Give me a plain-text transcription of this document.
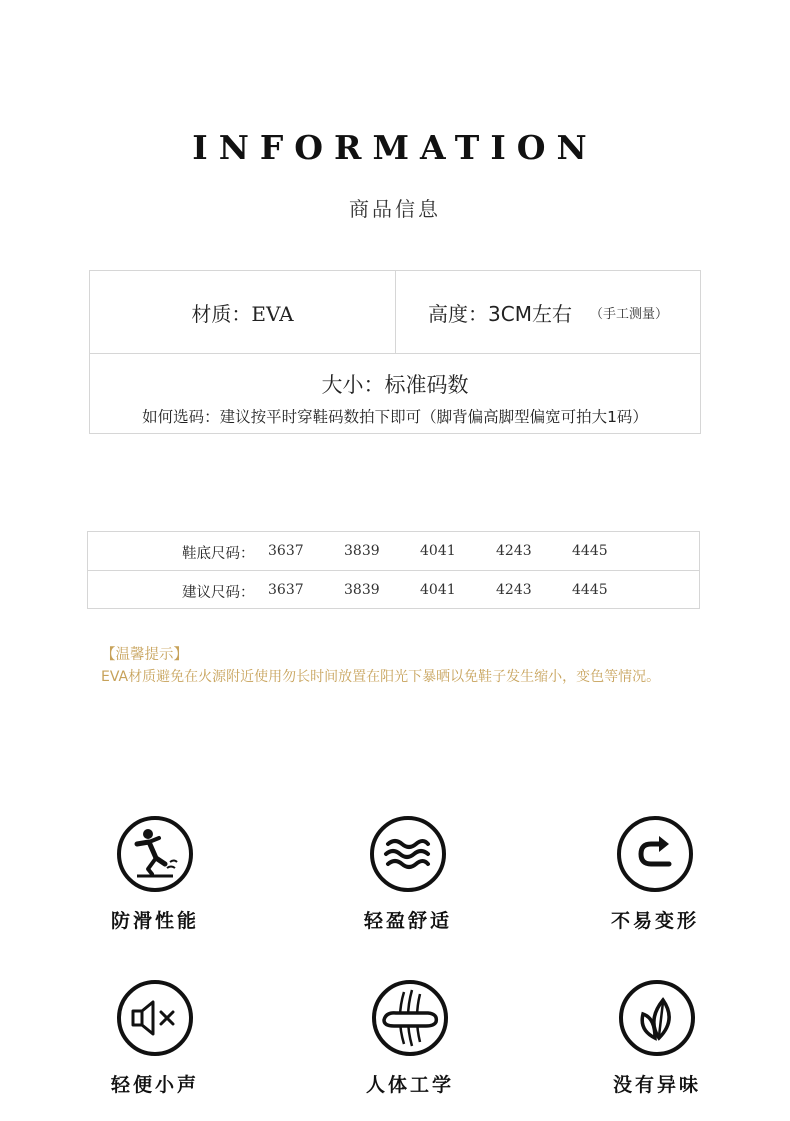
INFORMATION
商品信息
材质：EVA	高度：3CM左右 （手工测量）
大小：标准码数
如何选码：建议按平时穿鞋码数拍下即可（脚背偏高脚型偏宽可拍大1码）
鞋底尺码： 3637	3839	4041	4243	4445
建议尺码： 3637	3839	4041	4243	4445
【温馨提示】
EVA材质避免在火源附近使用勿长时间放置在阳光下暴晒以免鞋子发生缩小，变色等情况。
防滑性能	轻盈舒适	不易变形
轻便小声	人体工学	没有异味
